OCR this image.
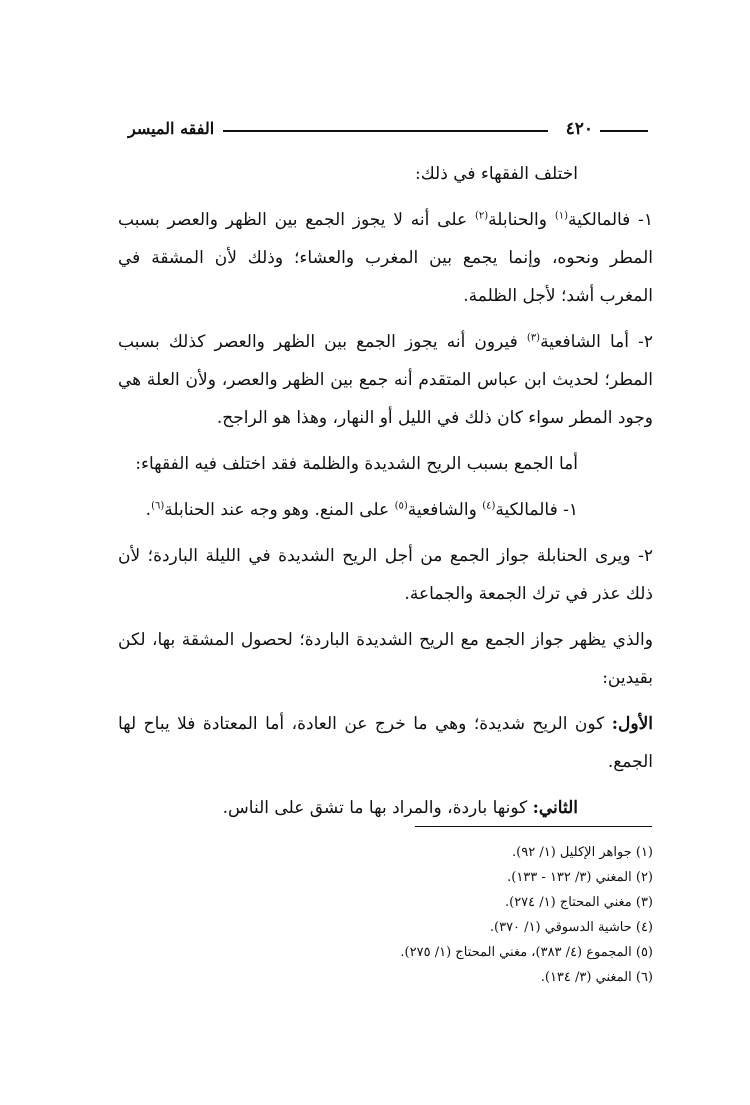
٤٢٠
الفقه الميسر

اختلف الفقهاء في ذلك:

١- فالمالكية$^{(١)}$ والحنابلة$^{(٢)}$ على أنه لا يجوز الجمع بين الظهر والعصر بسبب المطر ونحوه، وإنما يجمع بين المغرب والعشاء؛ وذلك لأن المشقة في المغرب أشد؛ لأجل الظلمة.

٢- أما الشافعية$^{(٣)}$ فيرون أنه يجوز الجمع بين الظهر والعصر كذلك بسبب المطر؛ لحديث ابن عباس المتقدم أنه جمع بين الظهر والعصر، ولأن العلة هي وجود المطر سواء كان ذلك في الليل أو النهار، وهذا هو الراجح.

أما الجمع بسبب الريح الشديدة والظلمة فقد اختلف فيه الفقهاء:

١- فالمالكية$^{(٤)}$ والشافعية$^{(٥)}$ على المنع. وهو وجه عند الحنابلة$^{(٦)}$.

٢- ويرى الحنابلة جواز الجمع من أجل الريح الشديدة في الليلة الباردة؛ لأن ذلك عذر في ترك الجمعة والجماعة.

والذي يظهر جواز الجمع مع الريح الشديدة الباردة؛ لحصول المشقة بها، لكن بقيدين:

الأول: كون الريح شديدة؛ وهي ما خرج عن العادة، أما المعتادة فلا يباح لها الجمع.

الثاني: كونها باردة، والمراد بها ما تشق على الناس.

(١) جواهر الإكليل (١/ ٩٢).
(٢) المغني (٣/ ١٣٢ - ١٣٣).
(٣) مغني المحتاج (١/ ٢٧٤).
(٤) حاشية الدسوقي (١/ ٣٧٠).
(٥) المجموع (٤/ ٣٨٣)، مغني المحتاج (١/ ٢٧٥).
(٦) المغني (٣/ ١٣٤).
